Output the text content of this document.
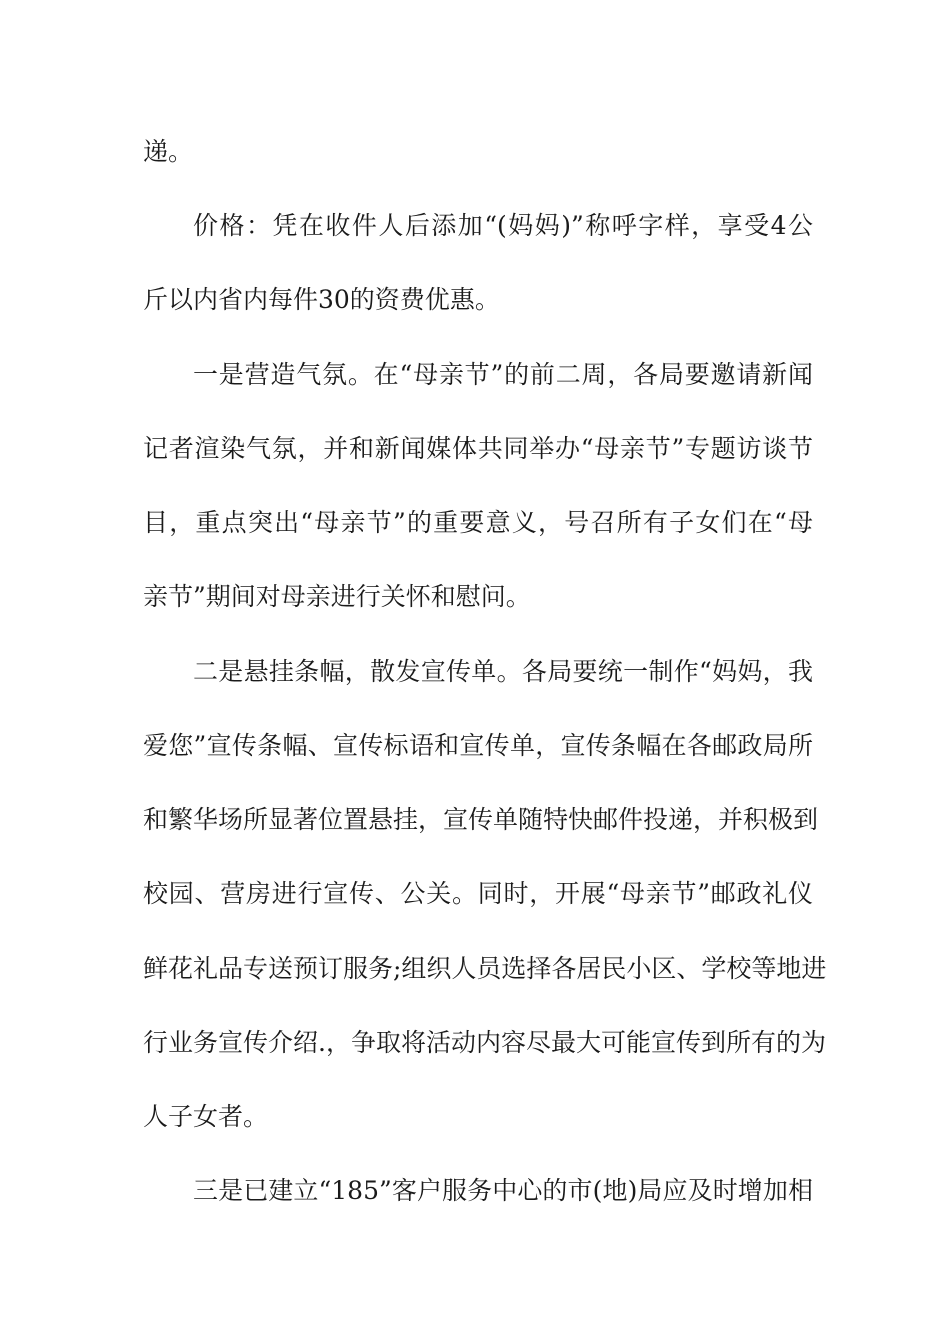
递。
价格：凭在收件人后添加“(妈妈)”称呼字样，享受4公
斤以内省内每件30的资费优惠。
一是营造气氛。在“母亲节”的前二周，各局要邀请新闻
记者渲染气氛，并和新闻媒体共同举办“母亲节”专题访谈节
目，重点突出“母亲节”的重要意义，号召所有子女们在“母
亲节”期间对母亲进行关怀和慰问。
二是悬挂条幅，散发宣传单。各局要统一制作“妈妈，我
爱您”宣传条幅、宣传标语和宣传单，宣传条幅在各邮政局所
和繁华场所显著位置悬挂，宣传单随特快邮件投递，并积极到
校园、营房进行宣传、公关。同时，开展“母亲节”邮政礼仪
鲜花礼品专送预订服务;组织人员选择各居民小区、学校等地进
行业务宣传介绍.，争取将活动内容尽最大可能宣传到所有的为
人子女者。
三是已建立“185”客户服务中心的市(地)局应及时增加相
